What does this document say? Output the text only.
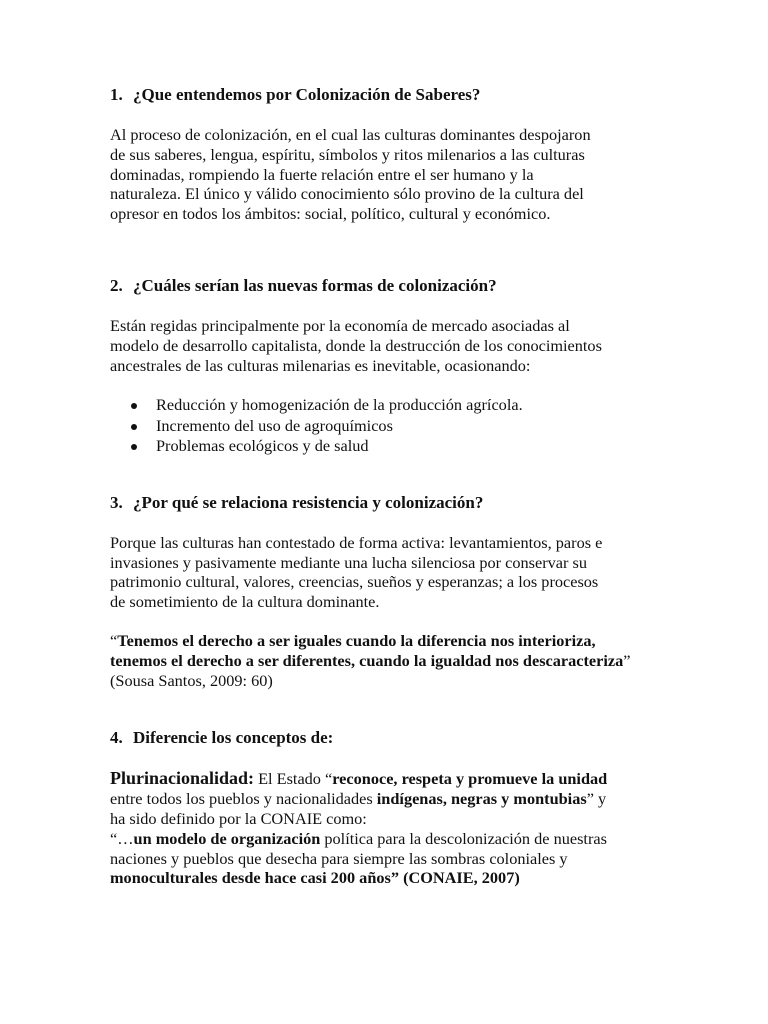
1. ¿Que entendemos por Colonización de Saberes?

Al proceso de colonización, en el cual las culturas dominantes despojaron
de sus saberes, lengua, espíritu, símbolos y ritos milenarios a las culturas
dominadas, rompiendo la fuerte relación entre el ser humano y la
naturaleza. El único y válido conocimiento sólo provino de la cultura del
opresor en todos los ámbitos: social, político, cultural y económico.

2. ¿Cuáles serían las nuevas formas de colonización?

Están regidas principalmente por la economía de mercado asociadas al
modelo de desarrollo capitalista, donde la destrucción de los conocimientos
ancestrales de las culturas milenarias es inevitable, ocasionando:

Reducción y homogenización de la producción agrícola.
Incremento del uso de agroquímicos
Problemas ecológicos y de salud
3. ¿Por qué se relaciona resistencia y colonización?

Porque las culturas han contestado de forma activa: levantamientos, paros e
invasiones y pasivamente mediante una lucha silenciosa por conservar su
patrimonio cultural, valores, creencias, sueños y esperanzas; a los procesos
de sometimiento de la cultura dominante.

“Tenemos el derecho a ser iguales cuando la diferencia nos interioriza,
tenemos el derecho a ser diferentes, cuando la igualdad nos descaracteriza”
(Sousa Santos, 2009: 60)

4. Diferencie los conceptos de:

Plurinacionalidad: El Estado “reconoce, respeta y promueve la unidad
entre todos los pueblos y nacionalidades indígenas, negras y montubias” y
ha sido definido por la CONAIE como:
“…un modelo de organización política para la descolonización de nuestras
naciones y pueblos que desecha para siempre las sombras coloniales y
monoculturales desde hace casi 200 años” (CONAIE, 2007)
